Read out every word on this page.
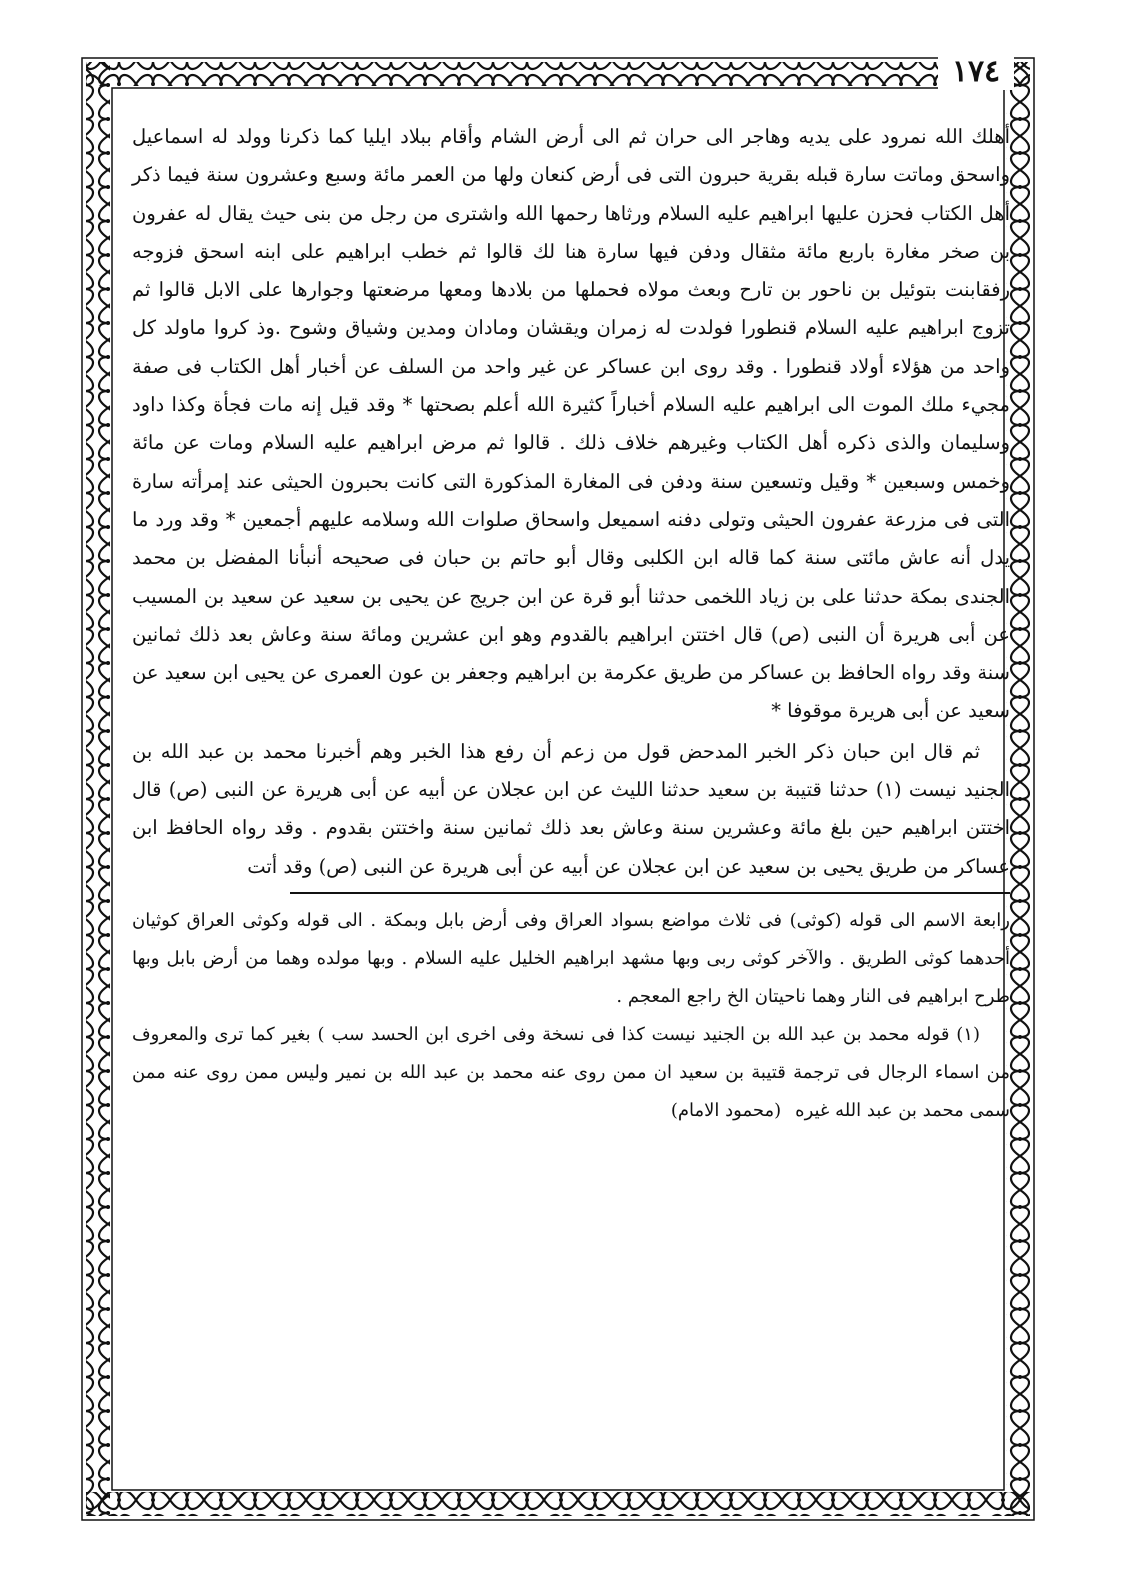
١٧٤

أهلك الله نمرود على يديه وهاجر الى حران ثم الى أرض الشام وأقام ببلاد ايليا كما ذكرنا وولد له اسماعيل واسحق وماتت سارة قبله بقرية حبرون التى فى أرض كنعان ولها من العمر مائة وسبع وعشرون سنة فيما ذكر أهل الكتاب فحزن عليها ابراهيم عليه السلام ورثاها رحمها الله واشترى من رجل من بنى حيث يقال له عفرون بن صخر مغارة باربع مائة مثقال ودفن فيها سارة هنا لك قالوا ثم خطب ابراهيم على ابنه اسحق فزوجه رفقابنت بتوئيل بن ناحور بن تارح وبعث مولاه فحملها من بلادها ومعها مرضعتها وجوارها على الابل قالوا ثم تزوج ابراهيم عليه السلام قنطورا فولدت له زمران ويقشان ومادان ومدين وشياق وشوح .وذ كروا ماولد كل واحد من هؤلاء أولاد قنطورا . وقد روى ابن عساكر عن غير واحد من السلف عن أخبار أهل الكتاب فى صفة مجيء ملك الموت الى ابراهيم عليه السلام أخباراً كثيرة الله أعلم بصحتها * وقد قيل إنه مات فجأة وكذا داود وسليمان والذى ذكره أهل الكتاب وغيرهم خلاف ذلك . قالوا ثم مرض ابراهيم عليه السلام ومات عن مائة وخمس وسبعين * وقيل وتسعين سنة ودفن فى المغارة المذكورة التى كانت بحبرون الحيثى عند إمرأته سارة التى فى مزرعة عفرون الحيثى وتولى دفنه اسميعل واسحاق صلوات الله وسلامه عليهم أجمعين * وقد ورد ما يدل أنه عاش مائتى سنة كما قاله ابن الكلبى وقال أبو حاتم بن حبان فى صحيحه أنبأنا المفضل بن محمد الجندى بمكة حدثنا على بن زياد اللخمى حدثنا أبو قرة عن ابن جريج عن يحيى بن سعيد عن سعيد بن المسيب عن أبى هريرة أن النبى (ص) قال اختتن ابراهيم بالقدوم وهو ابن عشرين ومائة سنة وعاش بعد ذلك ثمانين سنة وقد رواه الحافظ بن عساكر من طريق عكرمة بن ابراهيم وجعفر بن عون العمرى عن يحيى ابن سعيد عن سعيد عن أبى هريرة موقوفا *

ثم قال ابن حبان ذكر الخبر المدحض قول من زعم أن رفع هذا الخبر وهم أخبرنا محمد بن عبد الله بن الجنيد نيست (١) حدثنا قتيبة بن سعيد حدثنا الليث عن ابن عجلان عن أبيه عن أبى هريرة عن النبى (ص) قال اختتن ابراهيم حين بلغ مائة وعشرين سنة وعاش بعد ذلك ثمانين سنة واختتن بقدوم . وقد رواه الحافظ ابن عساكر من طريق يحيى بن سعيد عن ابن عجلان عن أبيه عن أبى هريرة عن النبى (ص) وقد أتت

رابعة الاسم الى قوله (كوثى) فى ثلاث مواضع بسواد العراق وفى أرض بابل وبمكة . الى قوله وكوثى العراق كوثيان أحدهما كوثى الطريق . والآخر كوثى ربى وبها مشهد ابراهيم الخليل عليه السلام . وبها مولده وهما من أرض بابل وبها طرح ابراهيم فى النار وهما ناحيتان الخ راجع المعجم .

(١) قوله محمد بن عبد الله بن الجنيد نيست كذا فى نسخة وفى اخرى ابن الحسد سب ) بغير كما ترى والمعروف من اسماء الرجال فى ترجمة قتيبة بن سعيد ان ممن روى عنه محمد بن عبد الله بن نمير وليس ممن روى عنه ممن سمى محمد بن عبد الله غيره(محمود الامام)
